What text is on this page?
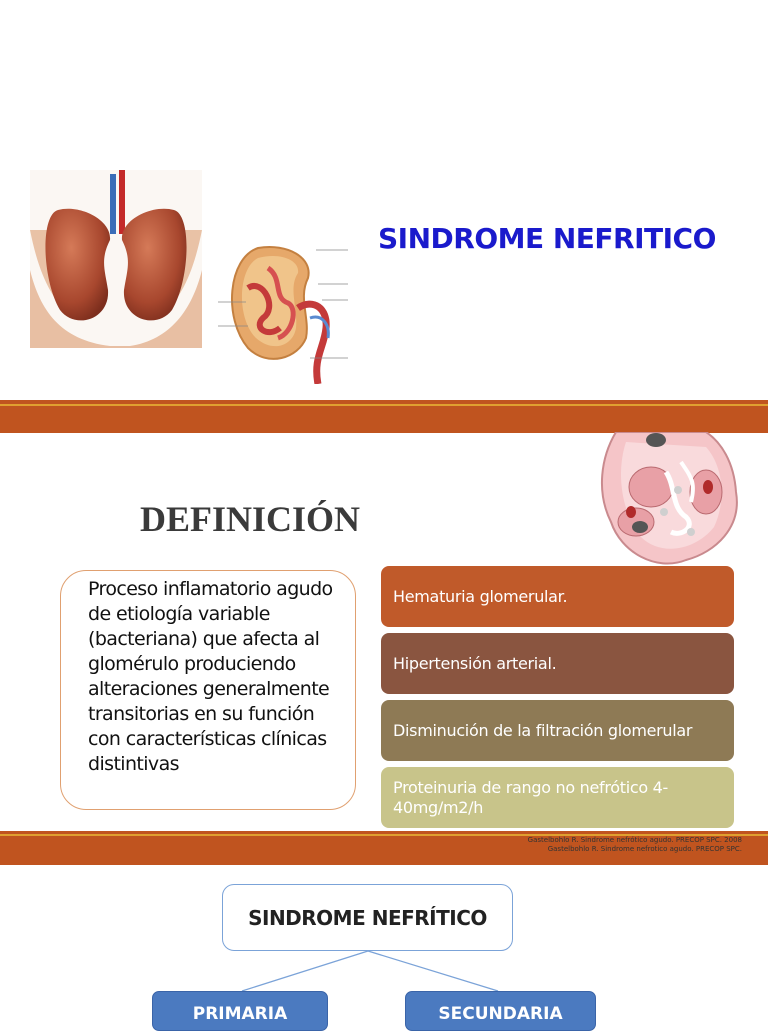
SINDROME NEFRITICO
DEFINICIÓN
Proceso inflamatorio agudo de etiología variable (bacteriana) que afecta al glomérulo produciendo alteraciones generalmente transitorias en su función con características clínicas distintivas
Hematuria glomerular.
Hipertensión arterial.
Disminución de la filtración glomerular
Proteinuria de rango no nefrótico 4-40mg/m2/h
Gastelbohlo R. Sindrome nefrótico agudo. PRECOP SPC. 2008
Gastelbohlo R. Sindrome nefrotico agudo. PRECOP SPC.
SINDROME NEFRÍTICO
PRIMARIA	SECUNDARIA
